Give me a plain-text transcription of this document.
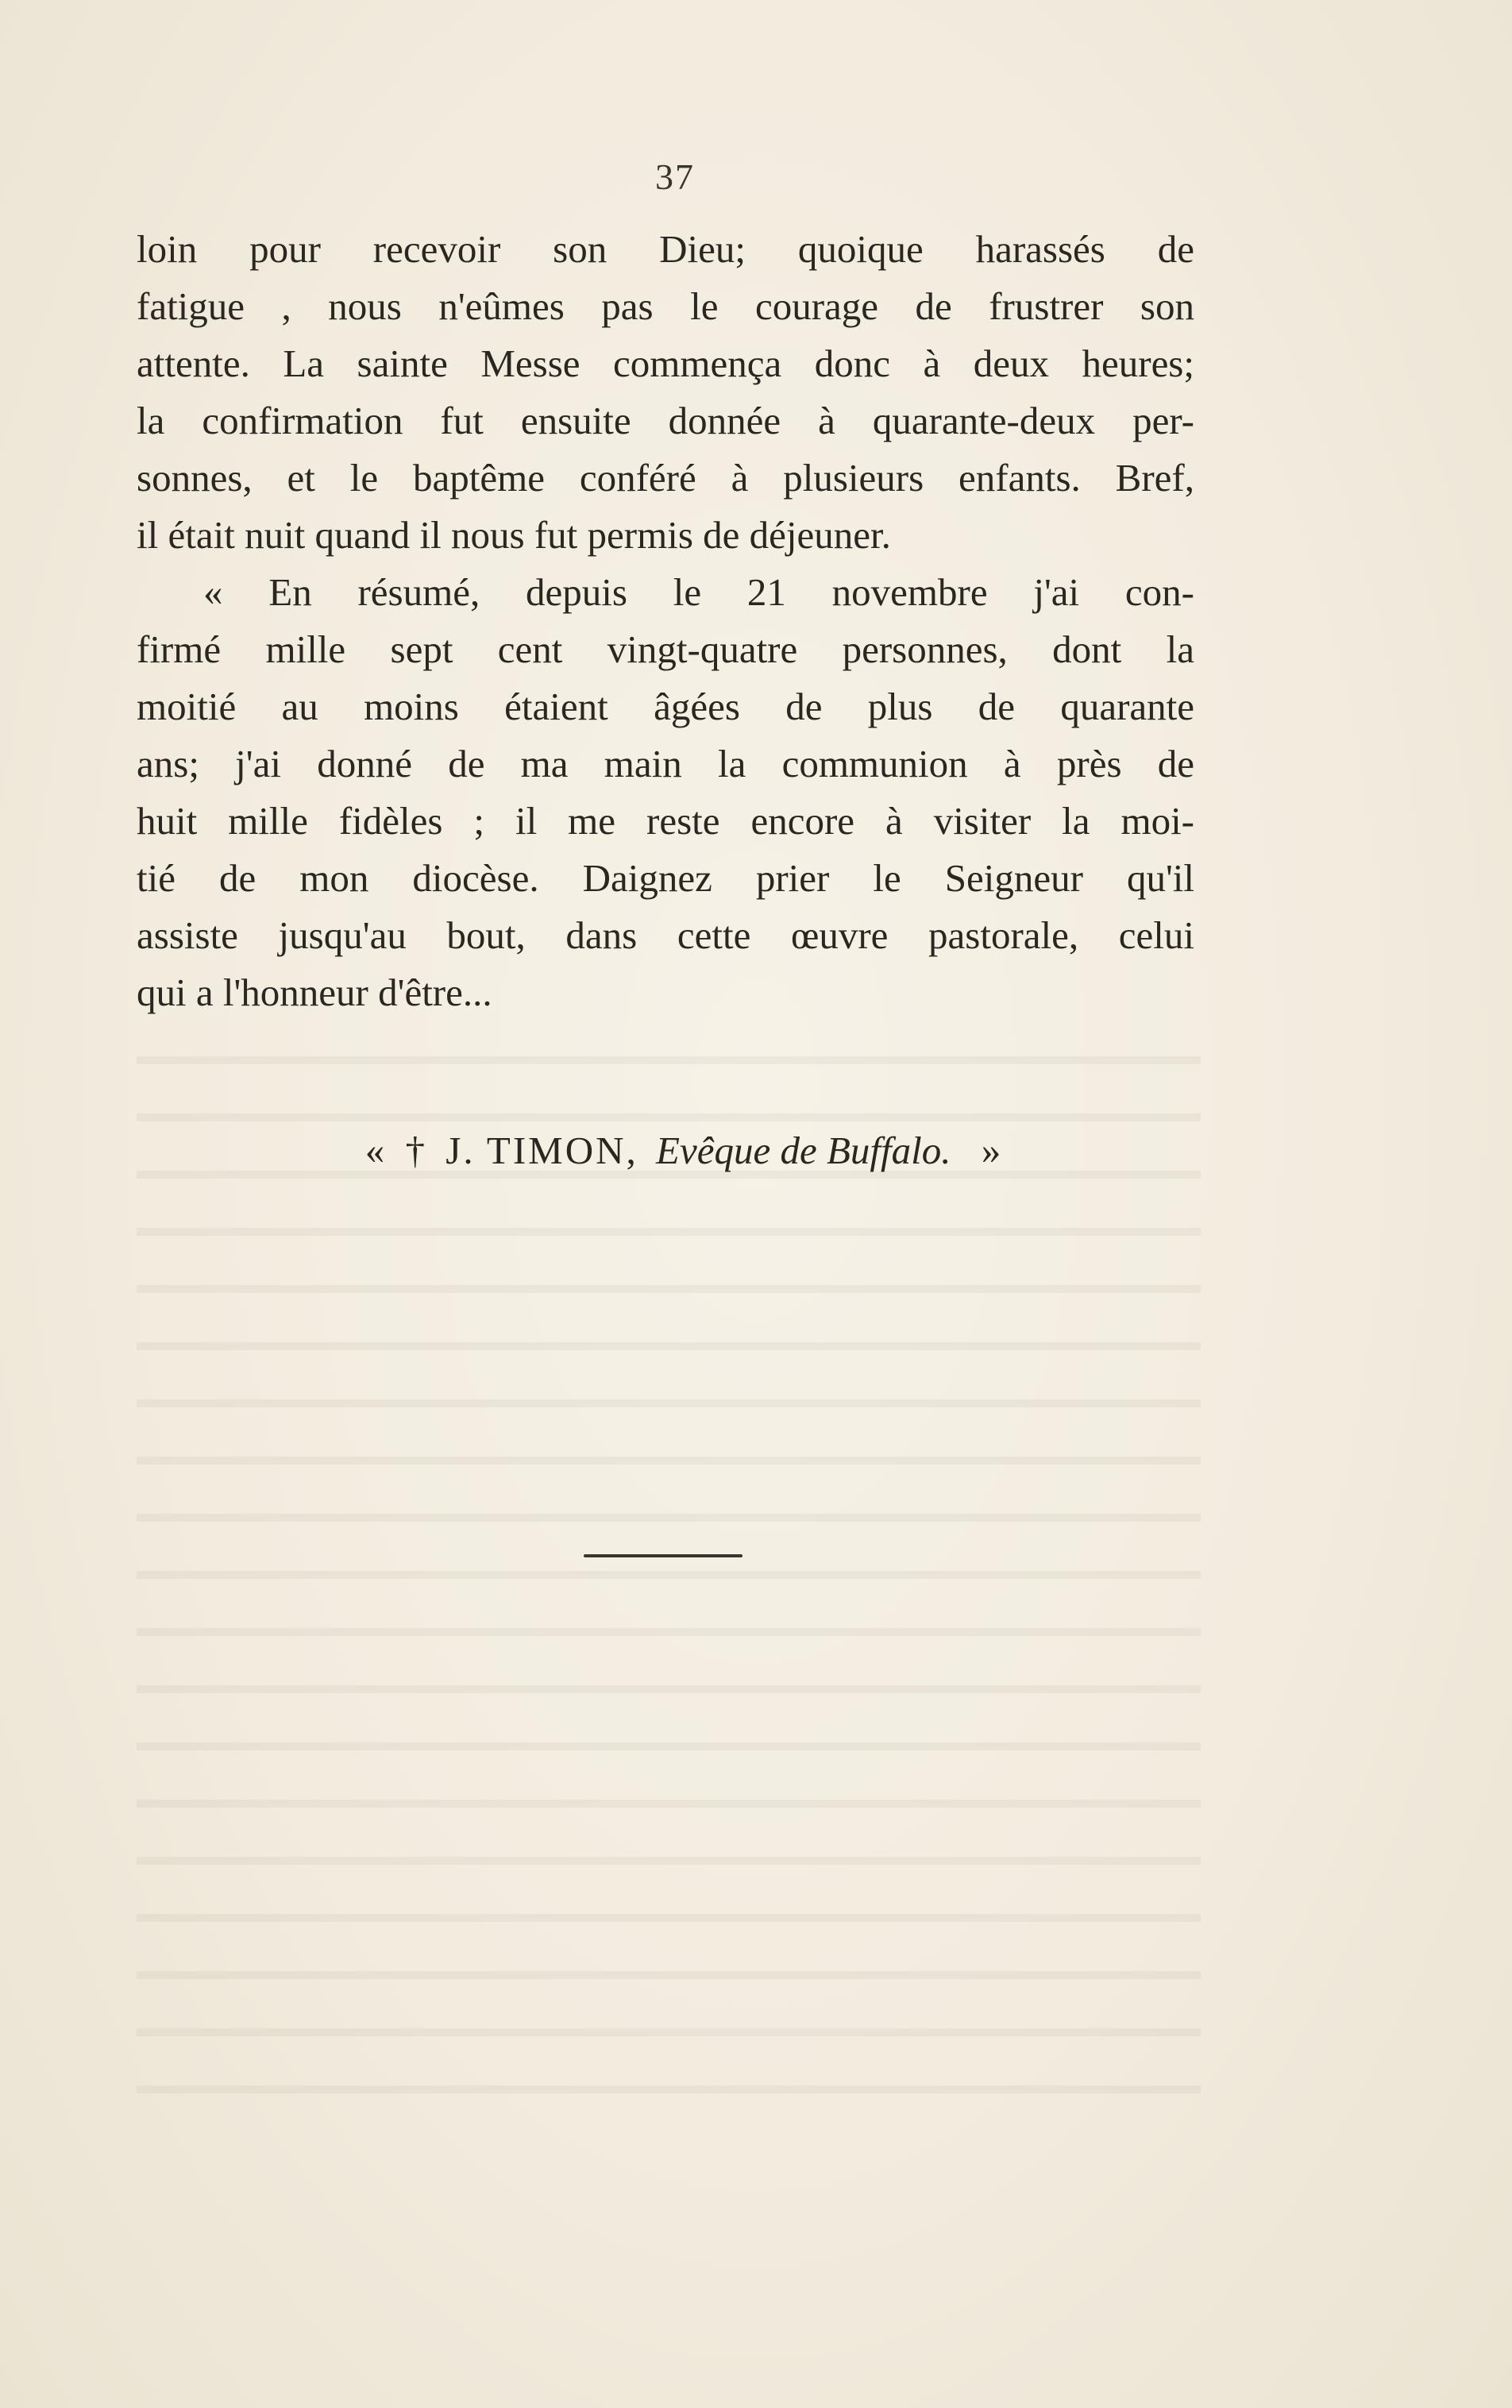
37
loin pour recevoir son Dieu; quoique harassés de
fatigue , nous n'eûmes pas le courage de frustrer son
attente. La sainte Messe commença donc à deux heures;
la confirmation fut ensuite donnée à quarante-deux per-
sonnes, et le baptême conféré à plusieurs enfants. Bref,
il était nuit quand il nous fut permis de déjeuner.
« En résumé, depuis le 21 novembre j'ai con-
firmé mille sept cent vingt-quatre personnes, dont la
moitié au moins étaient âgées de plus de quarante
ans; j'ai donné de ma main la communion à près de
huit mille fidèles ; il me reste encore à visiter la moi-
tié de mon diocèse. Daignez prier le Seigneur qu'il
assiste jusqu'au bout, dans cette œuvre pastorale, celui
qui a l'honneur d'être...
« † J. TIMON, Evêque de Buffalo. »
